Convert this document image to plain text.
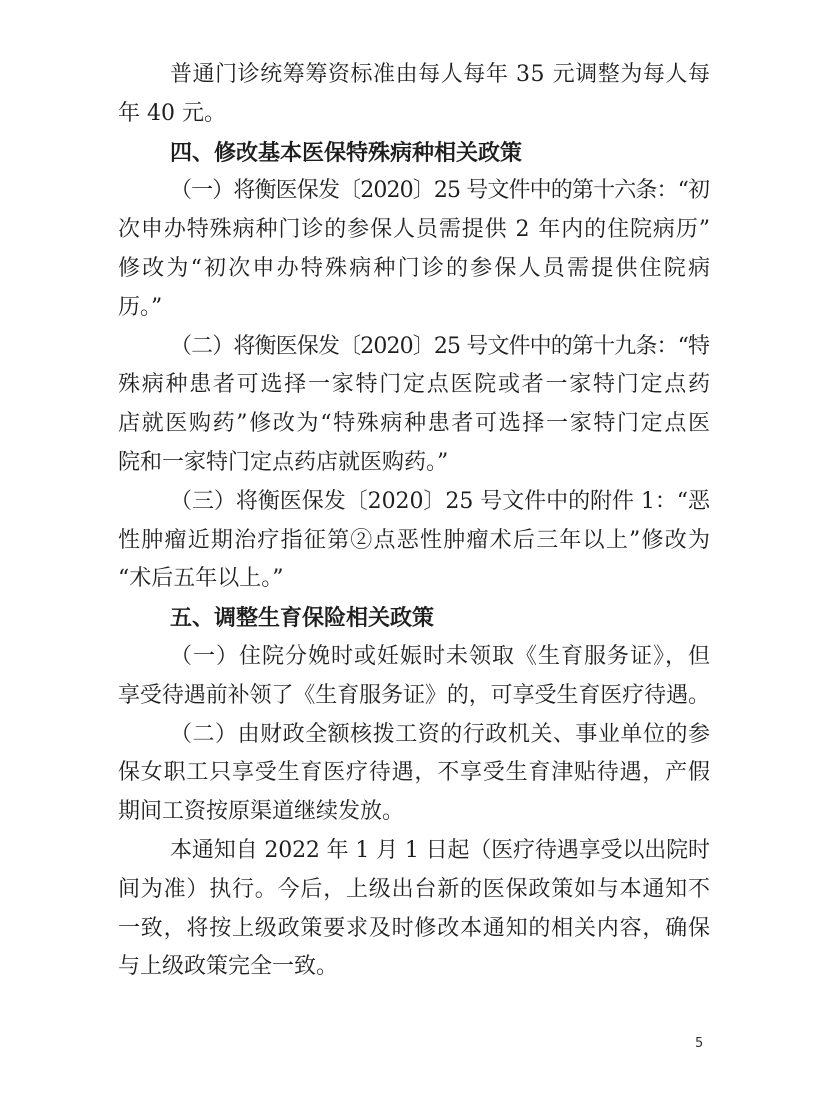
普通门诊统筹筹资标准由每人每年 35 元调整为每人每
年 40 元。
四、修改基本医保特殊病种相关政策
（一）将衡医保发〔2020〕25 号文件中的第十六条：“初
次申办特殊病种门诊的参保人员需提供 2 年内的住院病历”
修改为“初次申办特殊病种门诊的参保人员需提供住院病
历。”
（二）将衡医保发〔2020〕25 号文件中的第十九条：“特
殊病种患者可选择一家特门定点医院或者一家特门定点药
店就医购药”修改为“特殊病种患者可选择一家特门定点医
院和一家特门定点药店就医购药。”
（三）将衡医保发〔2020〕25 号文件中的附件 1：“恶
性肿瘤近期治疗指征第②点恶性肿瘤术后三年以上”修改为
“术后五年以上。”
五、调整生育保险相关政策
（一）住院分娩时或妊娠时未领取《生育服务证》，但
享受待遇前补领了《生育服务证》的，可享受生育医疗待遇。
（二）由财政全额核拨工资的行政机关、事业单位的参
保女职工只享受生育医疗待遇，不享受生育津贴待遇，产假
期间工资按原渠道继续发放。
本通知自 2022 年 1 月 1 日起（医疗待遇享受以出院时
间为准）执行。今后，上级出台新的医保政策如与本通知不
一致，将按上级政策要求及时修改本通知的相关内容，确保
与上级政策完全一致。
5
